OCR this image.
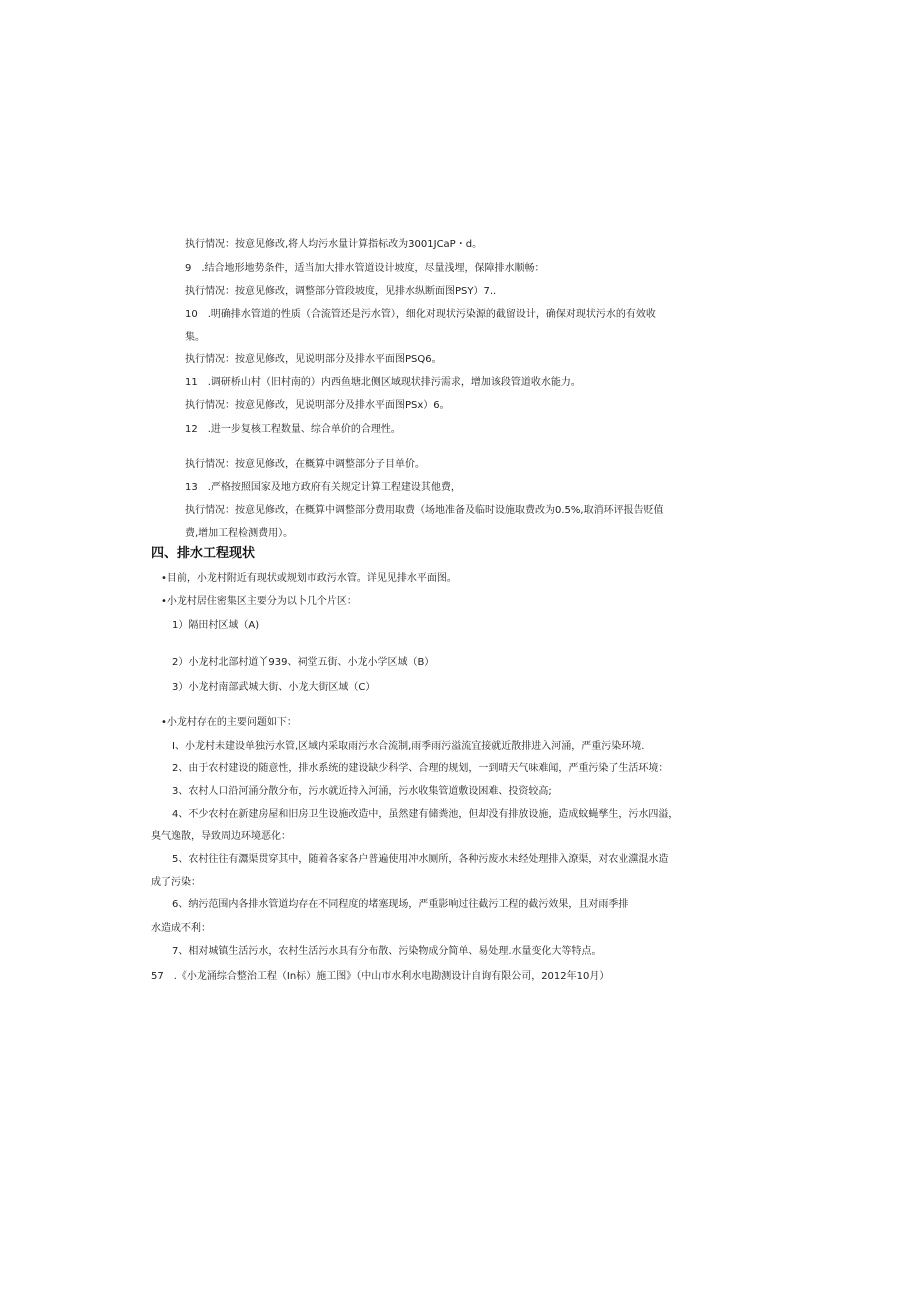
执行情况：按意见修改,将人均污水量计算指标改为3001JCaP・d。
9　.结合地形地势条件，适当加大排水管道设计坡度，尽量浅埋，保障排水顺畅：
执行情况：按意见修改，调整部分管段坡度，见排水纵断面图PSY）7..
10　.明确排水管道的性质（合流管还是污水管），细化对现状污染源的截留设计，确保对现状污水的有效收
集。
执行情况：按意见修改，见说明部分及排水平面图PSQ6。
11　.调研桥山村（旧村南的）内西鱼塘北侧区域现状排污需求，增加该段管道收水能力。
执行情况：按意见修改，见说明部分及排水平面图PSx）6。
12　.进一步复核工程数量、综合单价的合理性。
执行情况：按意见修改，在概算中调整部分子目单价。
13　.严格按照国家及地方政府有关规定计算工程建设其他费，
执行情况：按意见修改，在概算中调整部分费用取费（场地准备及临时设施取费改为0.5%,取消环评报告贬值
费,增加工程检测费用）。
四、排水工程现状
•目前，小龙村附近有现状或规划市政污水管。详见见排水平面图。
•小龙村居住密集区主要分为以卜几个片区：
1）隔田村区域（A)
2）小龙村北部村道丫939、祠堂五街、小龙小学区域（B）
3）小龙村南部武城大街、小龙大街区域（C）
•小龙村存在的主要问题如下：
I、小龙村未建设单独污水管,区域内采取雨污水合流制,雨季雨污溢流宜接就近散排进入河涌，严重污染环境.
2、由于农村建设的随意性，排水系统的建设缺少科学、合理的规划，一到晴天气味难闻，严重污染了生活环境：
3、农村人口沿河涌分散分布，污水就近持入河涌，污水收集管道敷设困难、投资较高;
4、不少农村在新建房屋和旧房卫生设施改造中，虽然建有储粪池，但却没有排放设施，造成蚊蝇孳生，污水四溢，
臭气逸散，导致周边环境恶化：
5、农村往往有灊渠贯穿其中，随着各家各户普遍使用冲水厕所，各种污废水未经处理排入潦渠，对农业灙混水造
成了污染：
6、纳污范围内各排水管道均存在不同程度的堵塞现场，严重影响过往截污工程的截污效果，且对雨季排
水造成不利：
7、相对城镇生活污水，农村生活污水具有分布散、污染物成分简单、易处理.水量变化大等特点。
57　.《小龙涌综合整治工程（In标）施工图》（中山市水利水电勘测设计自询有限公司，2012年10月）
